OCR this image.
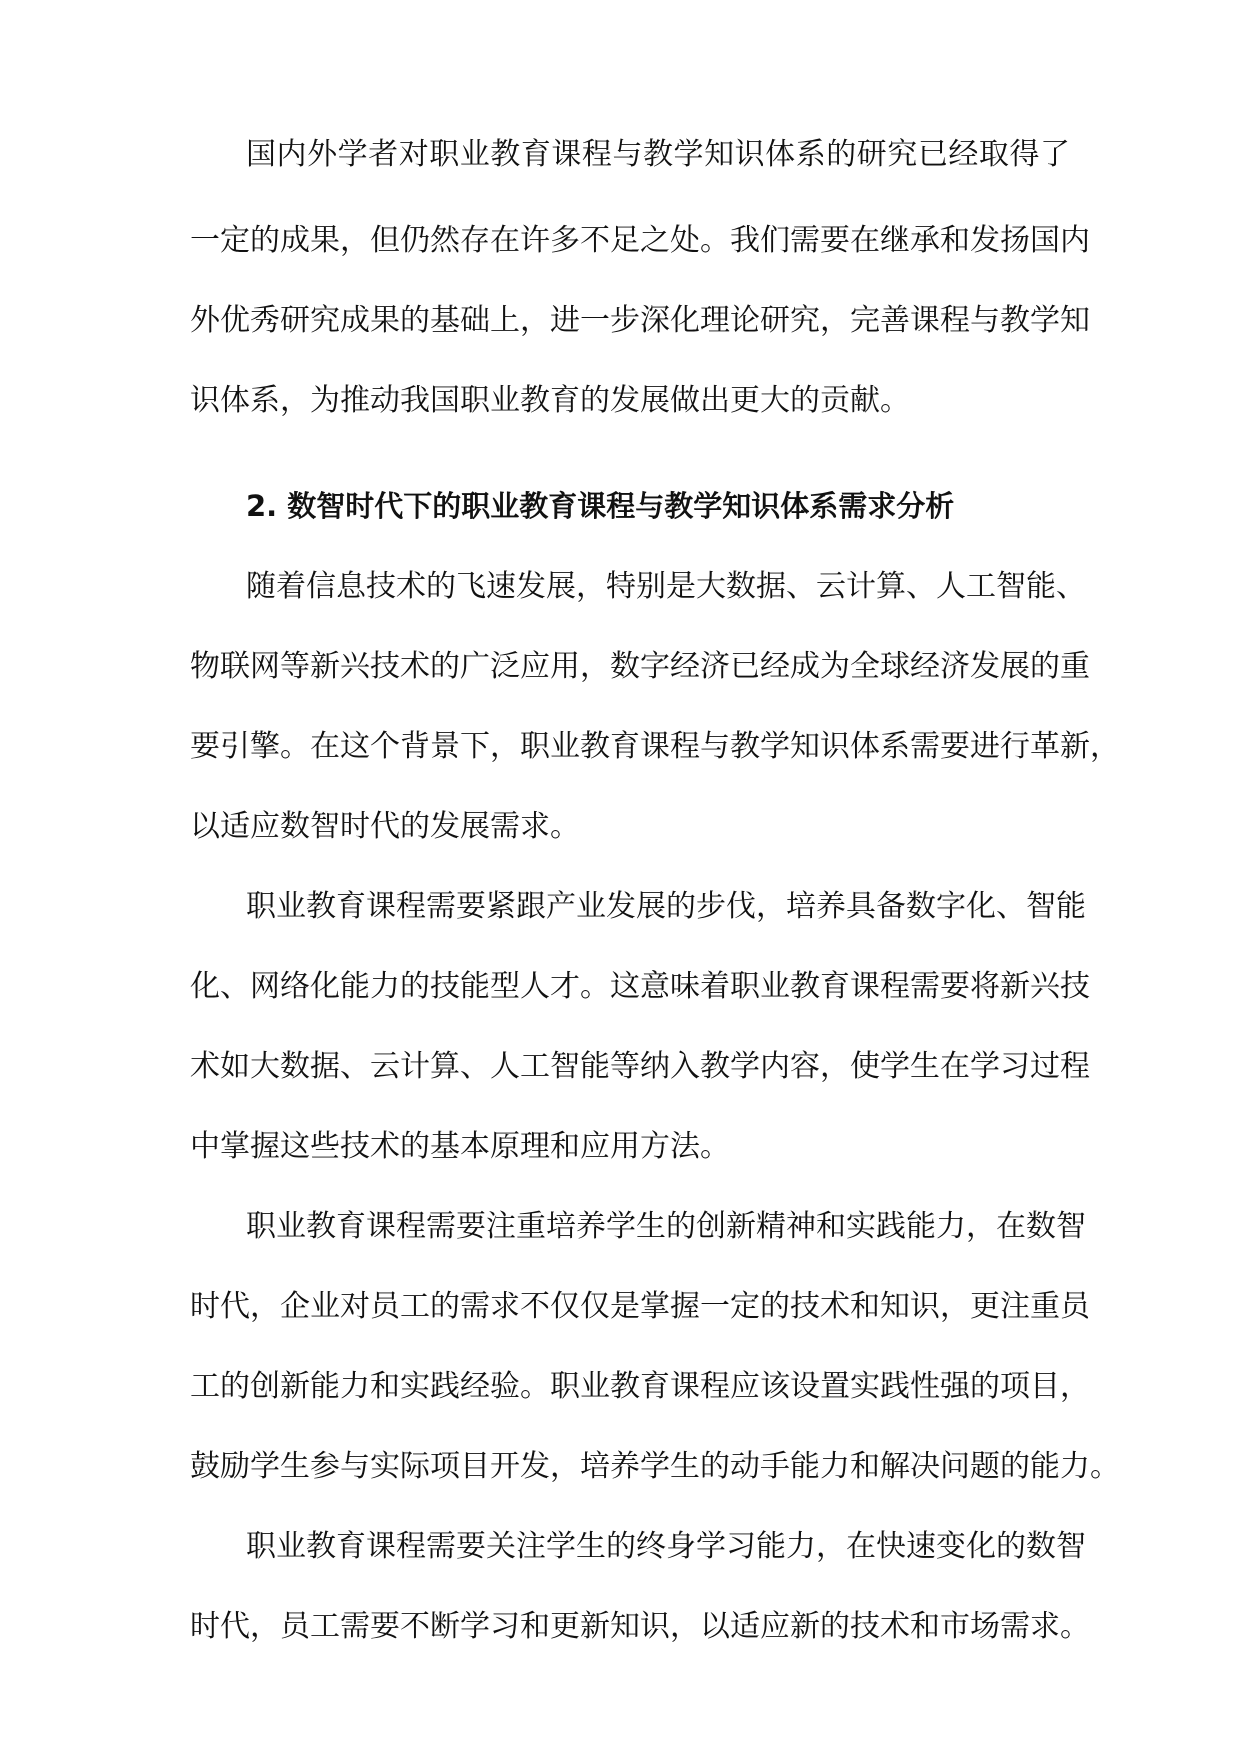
国内外学者对职业教育课程与教学知识体系的研究已经取得了
一定的成果，但仍然存在许多不足之处。我们需要在继承和发扬国内
外优秀研究成果的基础上，进一步深化理论研究，完善课程与教学知
识体系，为推动我国职业教育的发展做出更大的贡献。
2. 数智时代下的职业教育课程与教学知识体系需求分析
随着信息技术的飞速发展，特别是大数据、云计算、人工智能、
物联网等新兴技术的广泛应用，数字经济已经成为全球经济发展的重
要引擎。在这个背景下，职业教育课程与教学知识体系需要进行革新，
以适应数智时代的发展需求。
职业教育课程需要紧跟产业发展的步伐，培养具备数字化、智能
化、网络化能力的技能型人才。这意味着职业教育课程需要将新兴技
术如大数据、云计算、人工智能等纳入教学内容，使学生在学习过程
中掌握这些技术的基本原理和应用方法。
职业教育课程需要注重培养学生的创新精神和实践能力，在数智
时代，企业对员工的需求不仅仅是掌握一定的技术和知识，更注重员
工的创新能力和实践经验。职业教育课程应该设置实践性强的项目，
鼓励学生参与实际项目开发，培养学生的动手能力和解决问题的能力。
职业教育课程需要关注学生的终身学习能力，在快速变化的数智
时代，员工需要不断学习和更新知识，以适应新的技术和市场需求。
